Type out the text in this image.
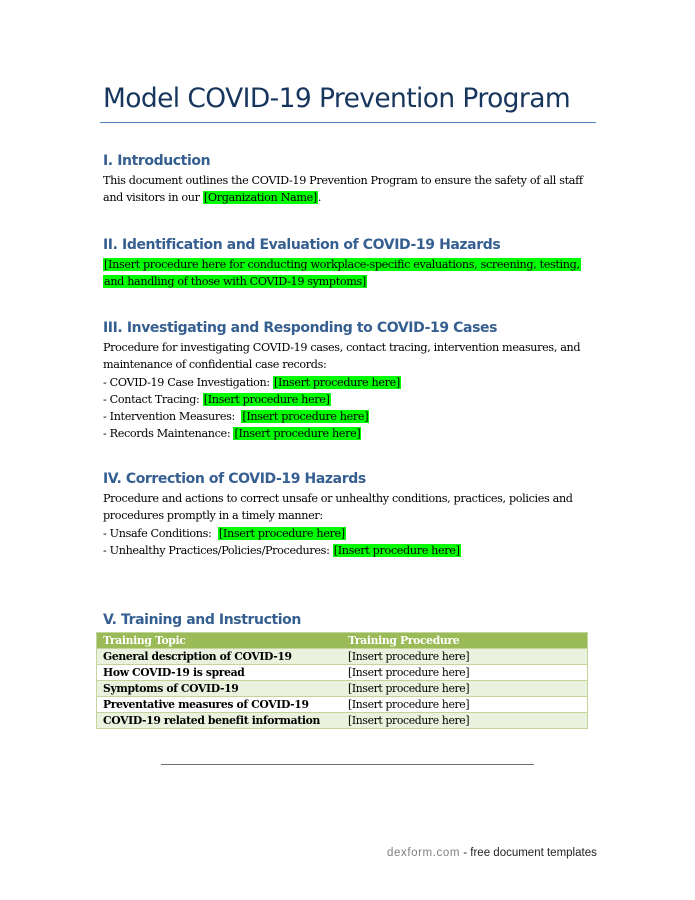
Model COVID-19 Prevention Program
I. Introduction
This document outlines the COVID-19 Prevention Program to ensure the safety of all staff
and visitors in our [Organization Name].
II. Identification and Evaluation of COVID-19 Hazards
[Insert procedure here for conducting workplace-specific evaluations, screening, testing,
and handling of those with COVID-19 symptoms]
III. Investigating and Responding to COVID-19 Cases
Procedure for investigating COVID-19 cases, contact tracing, intervention measures, and
maintenance of confidential case records:
- COVID-19 Case Investigation: [Insert procedure here]
- Contact Tracing: [Insert procedure here]
- Intervention Measures:  [Insert procedure here]
- Records Maintenance: [Insert procedure here]
IV. Correction of COVID-19 Hazards
Procedure and actions to correct unsafe or unhealthy conditions, practices, policies and
procedures promptly in a timely manner:
- Unsafe Conditions:  [Insert procedure here]
- Unhealthy Practices/Policies/Procedures: [Insert procedure here]
V. Training and Instruction
Training Topic	Training Procedure
General description of COVID-19	[Insert procedure here]
How COVID-19 is spread	[Insert procedure here]
Symptoms of COVID-19	[Insert procedure here]
Preventative measures of COVID-19	[Insert procedure here]
COVID-19 related benefit information	[Insert procedure here]
dexform.com - free document templates
